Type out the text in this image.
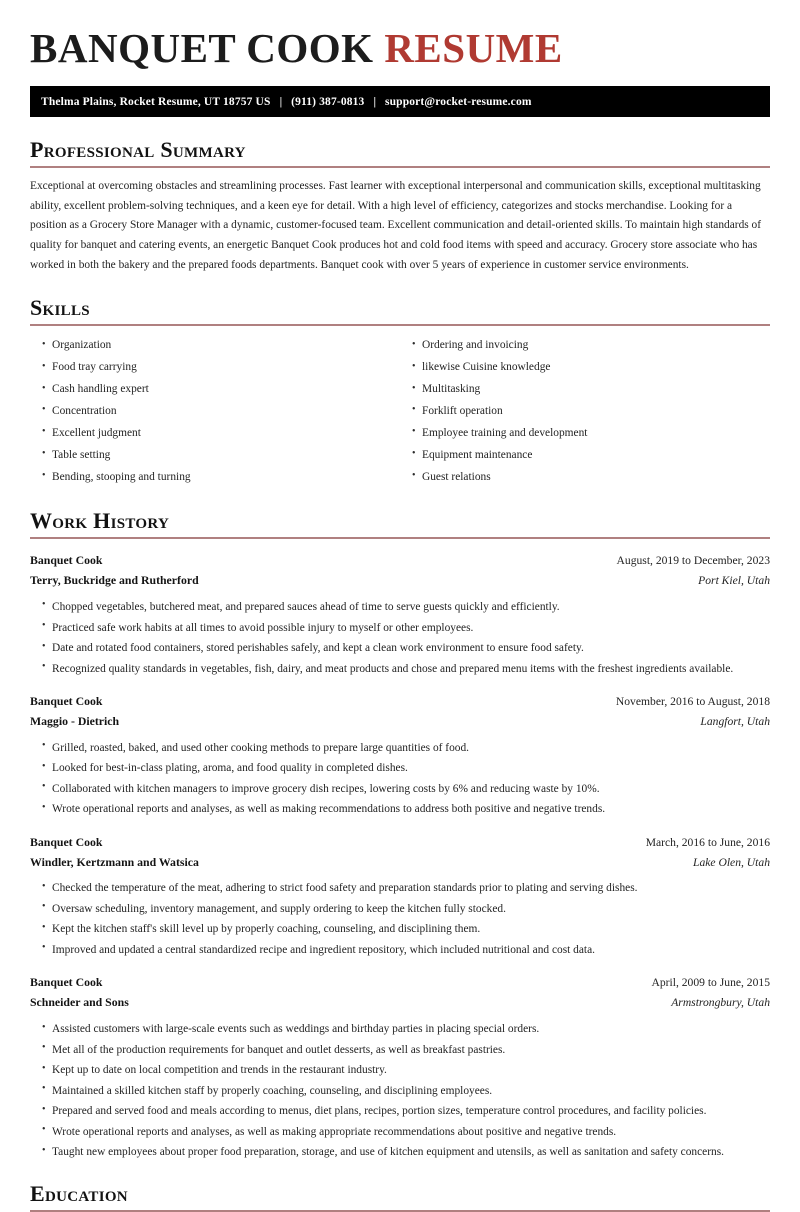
BANQUET COOK RESUME
Thelma Plains, Rocket Resume, UT 18757 US | (911) 387-0813 | support@rocket-resume.com
Professional Summary

Exceptional at overcoming obstacles and streamlining processes. Fast learner with exceptional interpersonal and communication skills, exceptional multitasking ability, excellent problem-solving techniques, and a keen eye for detail. With a high level of efficiency, categorizes and stocks merchandise. Looking for a position as a Grocery Store Manager with a dynamic, customer-focused team. Excellent communication and detail-oriented skills. To maintain high standards of quality for banquet and catering events, an energetic Banquet Cook produces hot and cold food items with speed and accuracy. Grocery store associate who has worked in both the bakery and the prepared foods departments. Banquet cook with over 5 years of experience in customer service environments.

Skills
• Organization
• Food tray carrying
• Cash handling expert
• Concentration
• Excellent judgment
• Table setting
• Bending, stooping and turning
• Ordering and invoicing
• likewise Cuisine knowledge
• Multitasking
• Forklift operation
• Employee training and development
• Equipment maintenance
• Guest relations
Work History
Banquet Cook	August, 2019 to December, 2023
Terry, Buckridge and Rutherford	Port Kiel, Utah
• Chopped vegetables, butchered meat, and prepared sauces ahead of time to serve guests quickly and efficiently.
• Practiced safe work habits at all times to avoid possible injury to myself or other employees.
• Date and rotated food containers, stored perishables safely, and kept a clean work environment to ensure food safety.
• Recognized quality standards in vegetables, fish, dairy, and meat products and chose and prepared menu items with the freshest ingredients available.
Banquet Cook	November, 2016 to August, 2018
Maggio - Dietrich	Langfort, Utah
• Grilled, roasted, baked, and used other cooking methods to prepare large quantities of food.
• Looked for best-in-class plating, aroma, and food quality in completed dishes.
• Collaborated with kitchen managers to improve grocery dish recipes, lowering costs by 6% and reducing waste by 10%.
• Wrote operational reports and analyses, as well as making recommendations to address both positive and negative trends.
Banquet Cook	March, 2016 to June, 2016
Windler, Kertzmann and Watsica	Lake Olen, Utah
• Checked the temperature of the meat, adhering to strict food safety and preparation standards prior to plating and serving dishes.
• Oversaw scheduling, inventory management, and supply ordering to keep the kitchen fully stocked.
• Kept the kitchen staff's skill level up by properly coaching, counseling, and disciplining them.
• Improved and updated a central standardized recipe and ingredient repository, which included nutritional and cost data.
Banquet Cook	April, 2009 to June, 2015
Schneider and Sons	Armstrongbury, Utah
• Assisted customers with large-scale events such as weddings and birthday parties in placing special orders.
• Met all of the production requirements for banquet and outlet desserts, as well as breakfast pastries.
• Kept up to date on local competition and trends in the restaurant industry.
• Maintained a skilled kitchen staff by properly coaching, counseling, and disciplining employees.
• Prepared and served food and meals according to menus, diet plans, recipes, portion sizes, temperature control procedures, and facility policies.
• Wrote operational reports and analyses, as well as making appropriate recommendations about positive and negative trends.
• Taught new employees about proper food preparation, storage, and use of kitchen equipment and utensils, as well as sanitation and safety concerns.
Education
